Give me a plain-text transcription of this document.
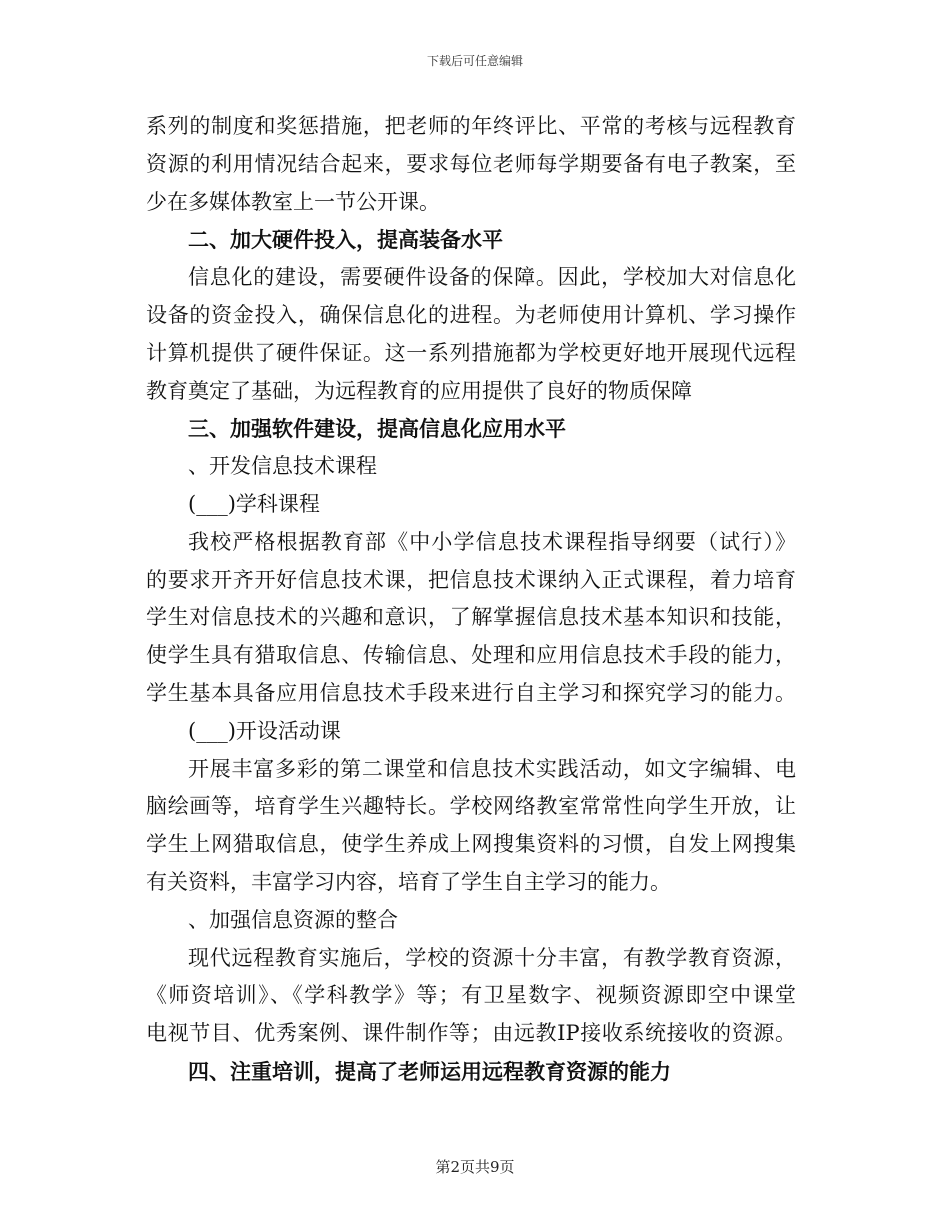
下载后可任意编辑
系列的制度和奖惩措施，把老师的年终评比、平常的考核与远程教育
资源的利用情况结合起来，要求每位老师每学期要备有电子教案，至
少在多媒体教室上一节公开课。
二、加大硬件投入，提高装备水平
信息化的建设，需要硬件设备的保障。因此，学校加大对信息化
设备的资金投入，确保信息化的进程。为老师使用计算机、学习操作
计算机提供了硬件保证。这一系列措施都为学校更好地开展现代远程
教育奠定了基础，为远程教育的应用提供了良好的物质保障
三、加强软件建设，提高信息化应用水平
、开发信息技术课程
(___)学科课程
我校严格根据教育部《中小学信息技术课程指导纲要（试行）》
的要求开齐开好信息技术课，把信息技术课纳入正式课程，着力培育
学生对信息技术的兴趣和意识，了解掌握信息技术基本知识和技能，
使学生具有猎取信息、传输信息、处理和应用信息技术手段的能力，
学生基本具备应用信息技术手段来进行自主学习和探究学习的能力。
(___)开设活动课
开展丰富多彩的第二课堂和信息技术实践活动，如文字编辑、电
脑绘画等，培育学生兴趣特长。学校网络教室常常性向学生开放，让
学生上网猎取信息，使学生养成上网搜集资料的习惯，自发上网搜集
有关资料，丰富学习内容，培育了学生自主学习的能力。
、加强信息资源的整合
现代远程教育实施后，学校的资源十分丰富，有教学教育资源，
《师资培训》、《学科教学》等；有卫星数字、视频资源即空中课堂
电视节目、优秀案例、课件制作等；由远教IP接收系统接收的资源。
四、注重培训，提高了老师运用远程教育资源的能力
第2页共9页
